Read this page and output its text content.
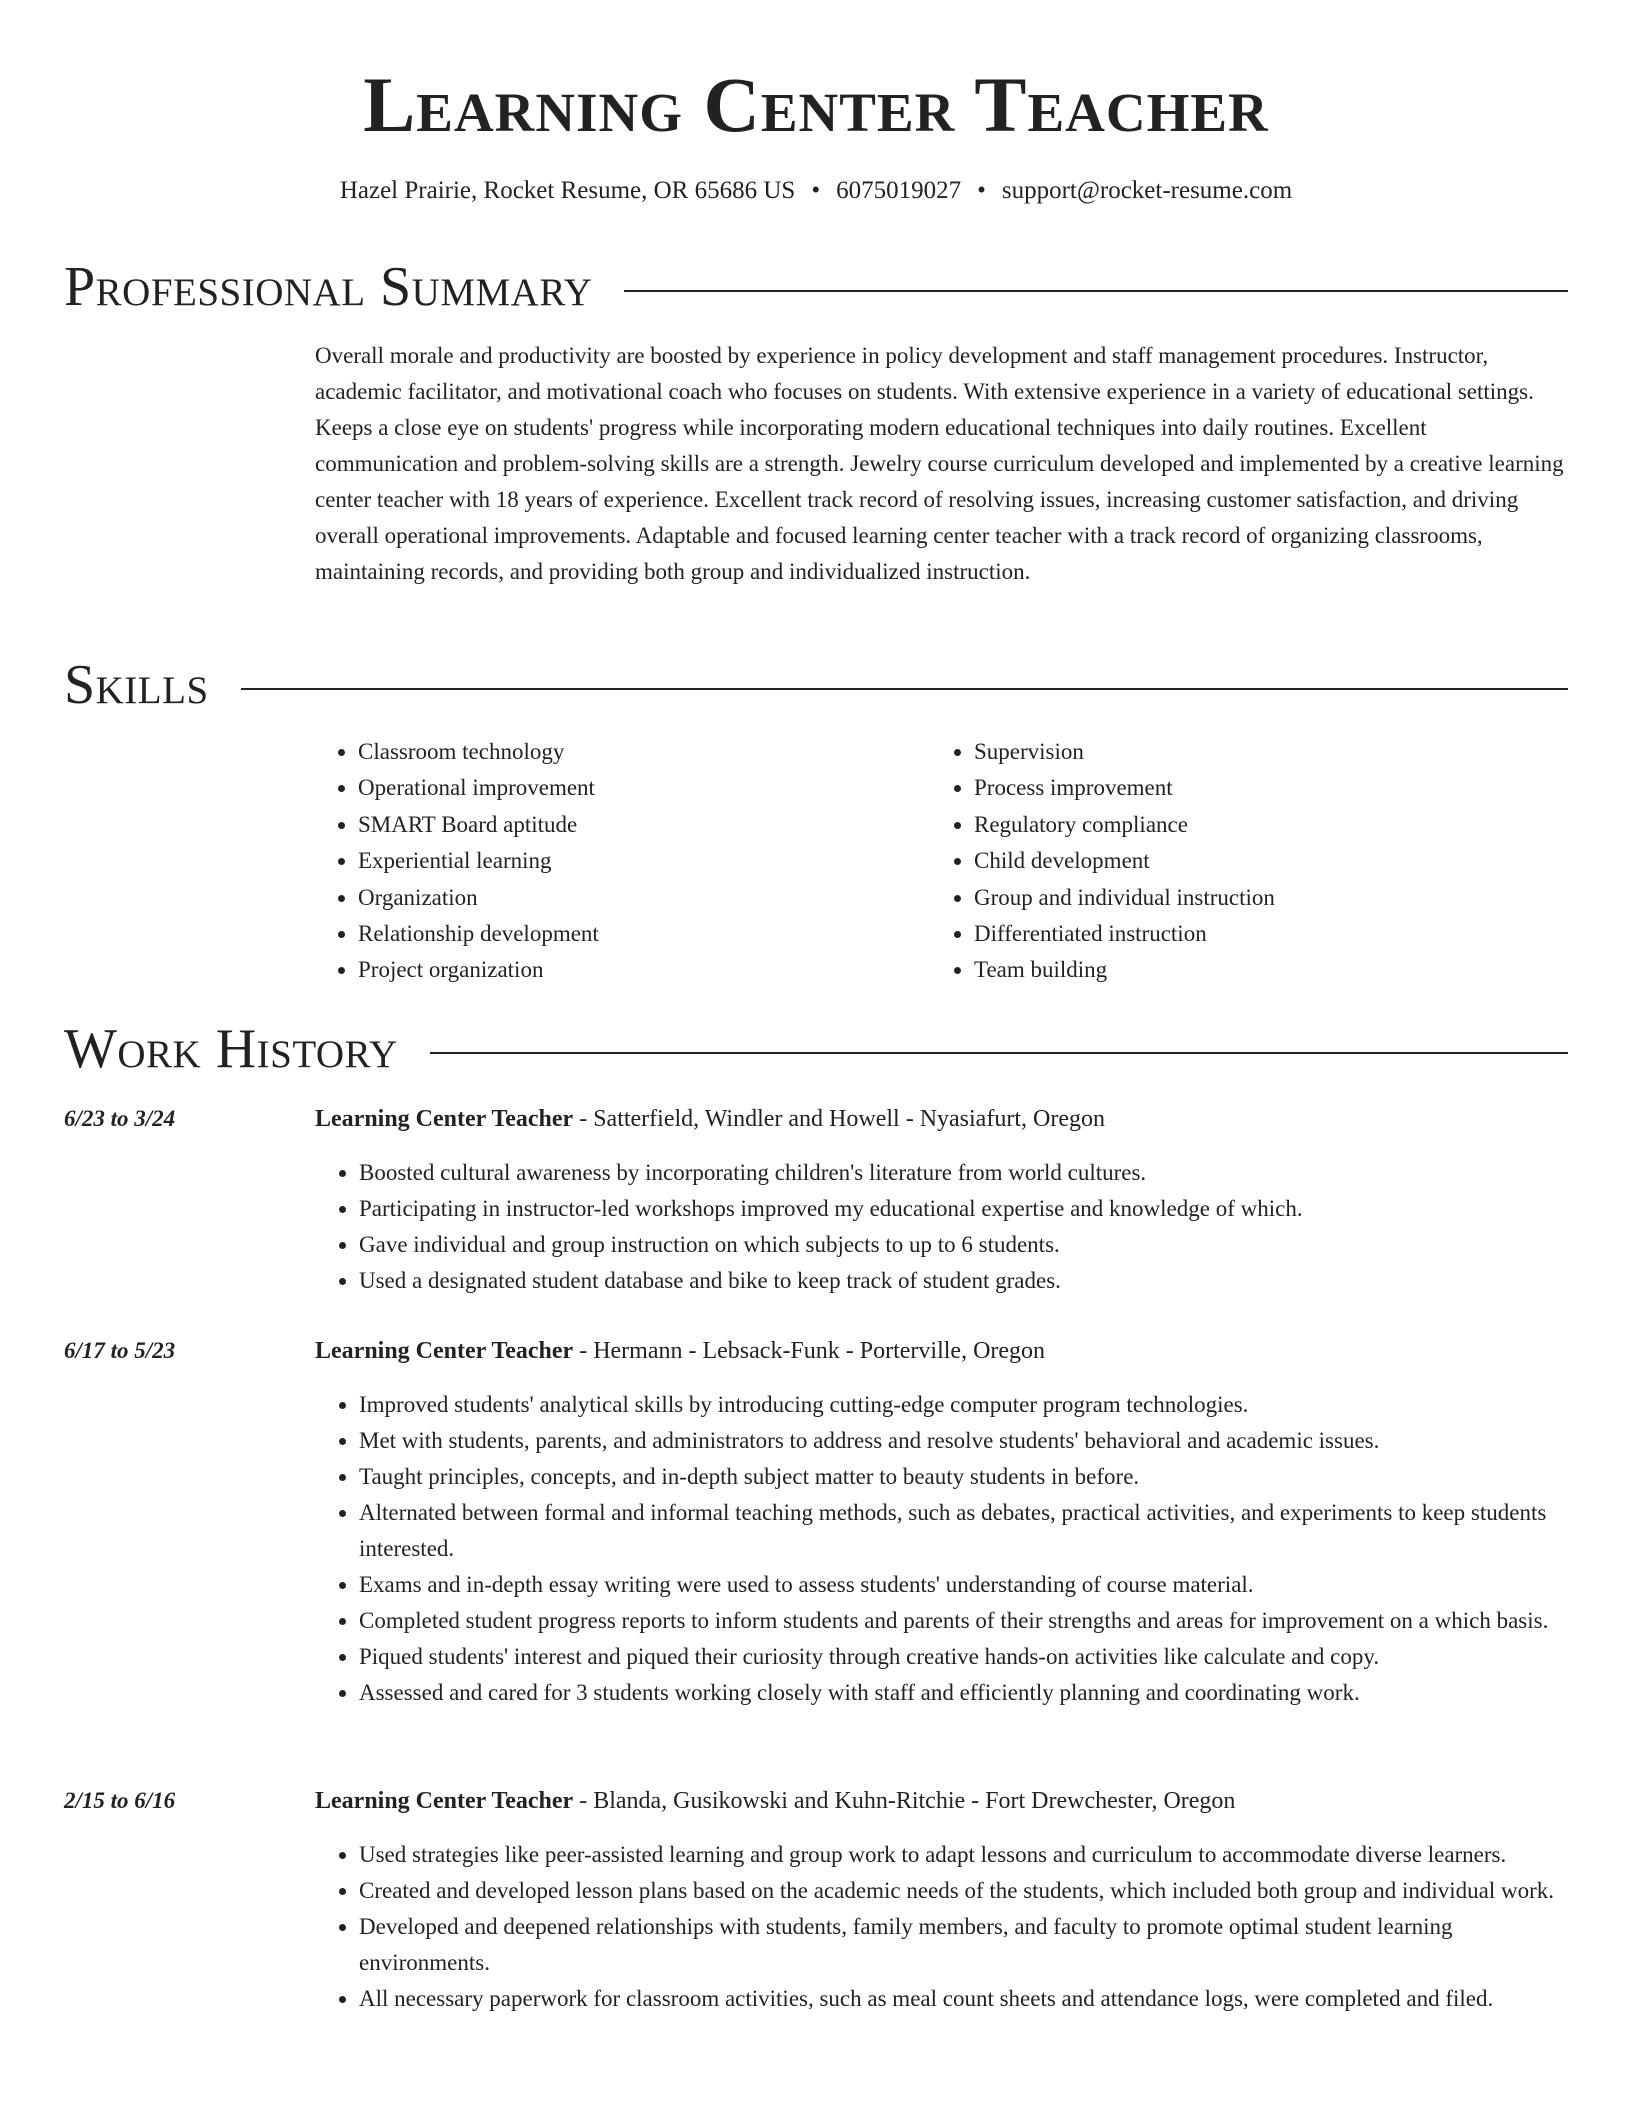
Learning Center Teacher
Hazel Prairie, Rocket Resume, OR 65686 US • 6075019027 • support@rocket-resume.com
Professional Summary

Overall morale and productivity are boosted by experience in policy development and staff management procedures. Instructor, academic facilitator, and motivational coach who focuses on students. With extensive experience in a variety of educational settings. Keeps a close eye on students' progress while incorporating modern educational techniques into daily routines. Excellent communication and problem-solving skills are a strength. Jewelry course curriculum developed and implemented by a creative learning center teacher with 18 years of experience. Excellent track record of resolving issues, increasing customer satisfaction, and driving overall operational improvements. Adaptable and focused learning center teacher with a track record of organizing classrooms, maintaining records, and providing both group and individualized instruction.

Skills
• Classroom technology
• Operational improvement
• SMART Board aptitude
• Experiential learning
• Organization
• Relationship development
• Project organization
• Supervision
• Process improvement
• Regulatory compliance
• Child development
• Group and individual instruction
• Differentiated instruction
• Team building
Work History
6/23 to 3/24	Learning Center Teacher - Satterfield, Windler and Howell - Nyasiafurt, Oregon
• Boosted cultural awareness by incorporating children's literature from world cultures.
• Participating in instructor-led workshops improved my educational expertise and knowledge of which.
• Gave individual and group instruction on which subjects to up to 6 students.
• Used a designated student database and bike to keep track of student grades.
6/17 to 5/23	Learning Center Teacher - Hermann - Lebsack-Funk - Porterville, Oregon
• Improved students' analytical skills by introducing cutting-edge computer program technologies.
• Met with students, parents, and administrators to address and resolve students' behavioral and academic issues.
• Taught principles, concepts, and in-depth subject matter to beauty students in before.
• Alternated between formal and informal teaching methods, such as debates, practical activities, and experiments to keep students interested.
• Exams and in-depth essay writing were used to assess students' understanding of course material.
• Completed student progress reports to inform students and parents of their strengths and areas for improvement on a which basis.
• Piqued students' interest and piqued their curiosity through creative hands-on activities like calculate and copy.
• Assessed and cared for 3 students working closely with staff and efficiently planning and coordinating work.
2/15 to 6/16	Learning Center Teacher - Blanda, Gusikowski and Kuhn-Ritchie - Fort Drewchester, Oregon
• Used strategies like peer-assisted learning and group work to adapt lessons and curriculum to accommodate diverse learners.
• Created and developed lesson plans based on the academic needs of the students, which included both group and individual work.
• Developed and deepened relationships with students, family members, and faculty to promote optimal student learning environments.
• All necessary paperwork for classroom activities, such as meal count sheets and attendance logs, were completed and filed.
